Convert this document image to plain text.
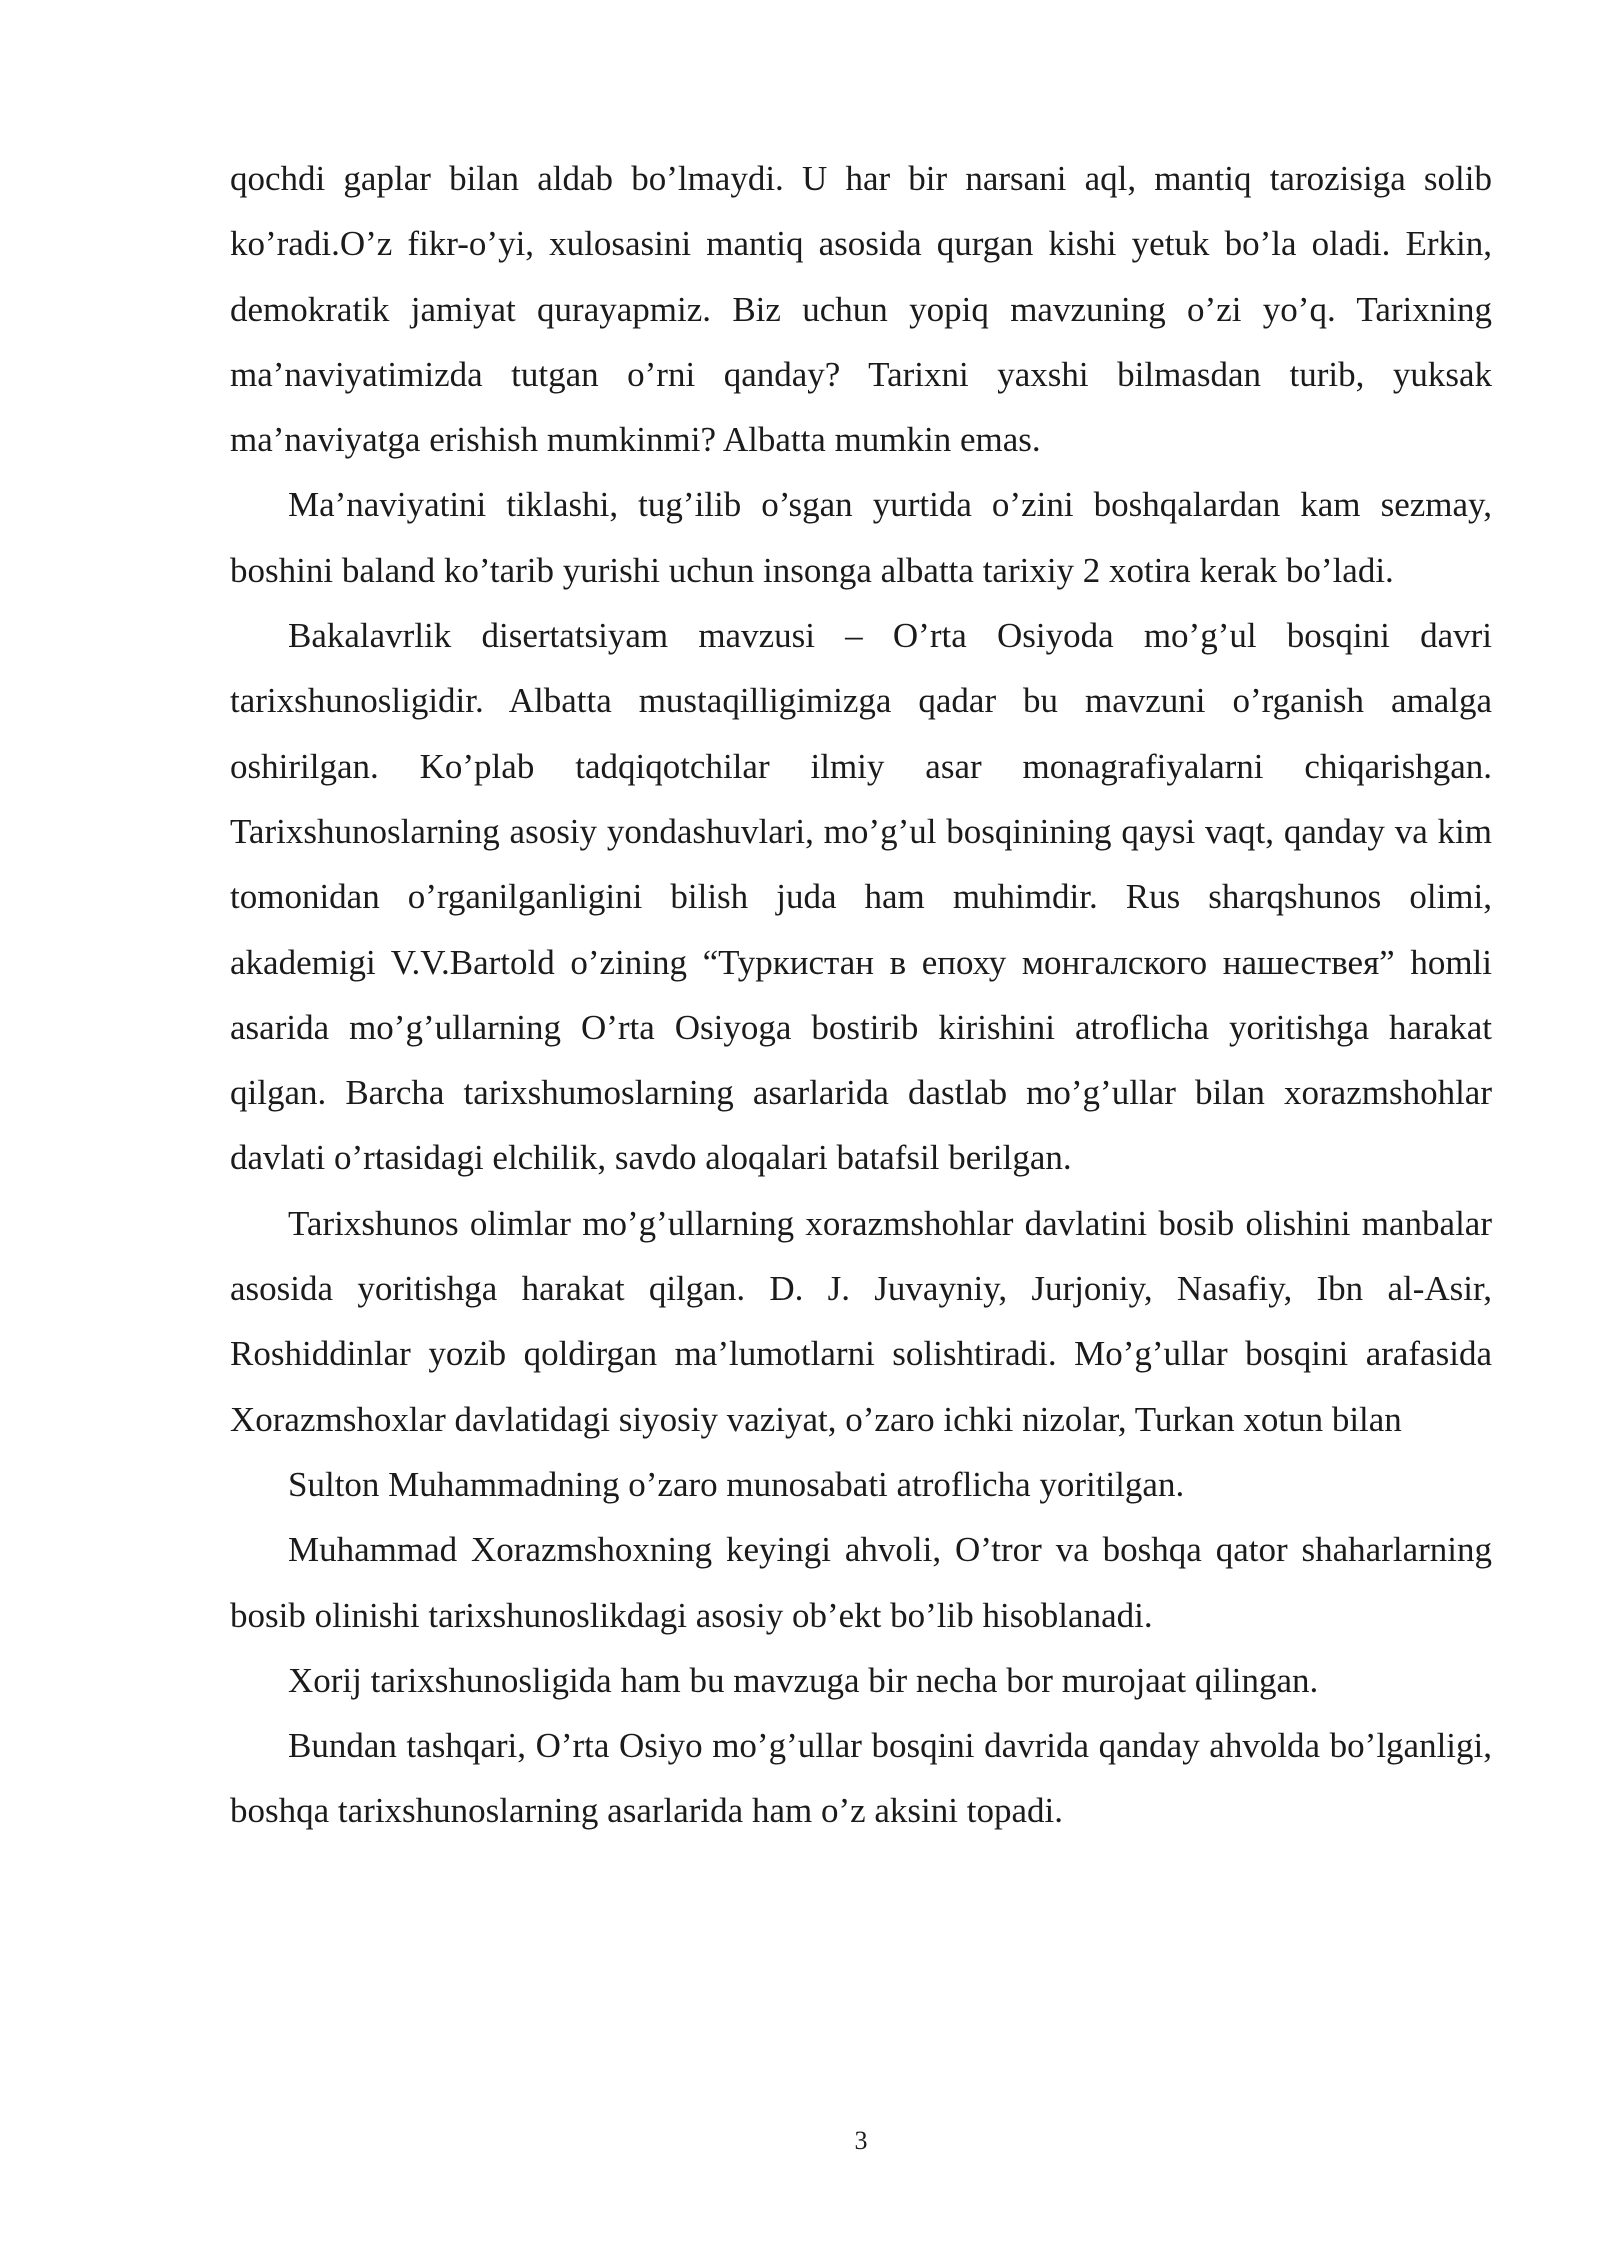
qochdi gaplar bilan aldab bo’lmaydi. U har bir narsani aql, mantiq tarozisiga solib ko’radi.O’z fikr-o’yi, xulosasini mantiq asosida qurgan kishi yetuk bo’la oladi. Erkin, demokratik jamiyat qurayapmiz. Biz uchun yopiq mavzuning o’zi yo’q. Tarixning ma’naviyatimizda tutgan o’rni qanday? Tarixni yaxshi bilmasdan turib, yuksak ma’naviyatga erishish mumkinmi? Albatta mumkin emas.

Ma’naviyatini tiklashi, tug’ilib o’sgan yurtida o’zini boshqalardan kam sezmay, boshini baland ko’tarib yurishi uchun insonga albatta tarixiy 2 xotira kerak bo’ladi.

Bakalavrlik disertatsiyam mavzusi – O’rta Osiyoda mo’g’ul bosqini davri tarixshunosligidir. Albatta mustaqilligimizga qadar bu mavzuni o’rganish amalga oshirilgan. Ko’plab tadqiqotchilar ilmiy asar monagrafiyalarni chiqarishgan. Tarixshunoslarning asosiy yondashuvlari, mo’g’ul bosqinining qaysi vaqt, qanday va kim tomonidan o’rganilganligini bilish juda ham muhimdir. Rus sharqshunos olimi, akademigi V.V.Bartold o’zining “Туркистан в епоху монгалского нашествея” homli asarida mo’g’ullarning O’rta Osiyoga bostirib kirishini atroflicha yoritishga harakat qilgan. Barcha tarixshumoslarning asarlarida dastlab mo’g’ullar bilan xorazmshohlar davlati o’rtasidagi elchilik, savdo aloqalari batafsil berilgan.

Tarixshunos olimlar mo’g’ullarning xorazmshohlar davlatini bosib olishini manbalar asosida yoritishga harakat qilgan. D. J. Juvayniy, Jurjoniy, Nasafiy, Ibn al-Asir, Roshiddinlar yozib qoldirgan ma’lumotlarni solishtiradi. Mo’g’ullar bosqini arafasida Xorazmshoxlar davlatidagi siyosiy vaziyat, o’zaro ichki nizolar, Turkan xotun bilan

Sulton Muhammadning o’zaro munosabati atroflicha yoritilgan.

Muhammad Xorazmshoxning keyingi ahvoli, O’tror va boshqa qator shaharlarning bosib olinishi tarixshunoslikdagi asosiy ob’ekt bo’lib hisoblanadi.

Xorij tarixshunosligida ham bu mavzuga bir necha bor murojaat qilingan.

Bundan tashqari, O’rta Osiyo mo’g’ullar bosqini davrida qanday ahvolda bo’lganligi, boshqa tarixshunoslarning asarlarida ham o’z aksini topadi.

3
